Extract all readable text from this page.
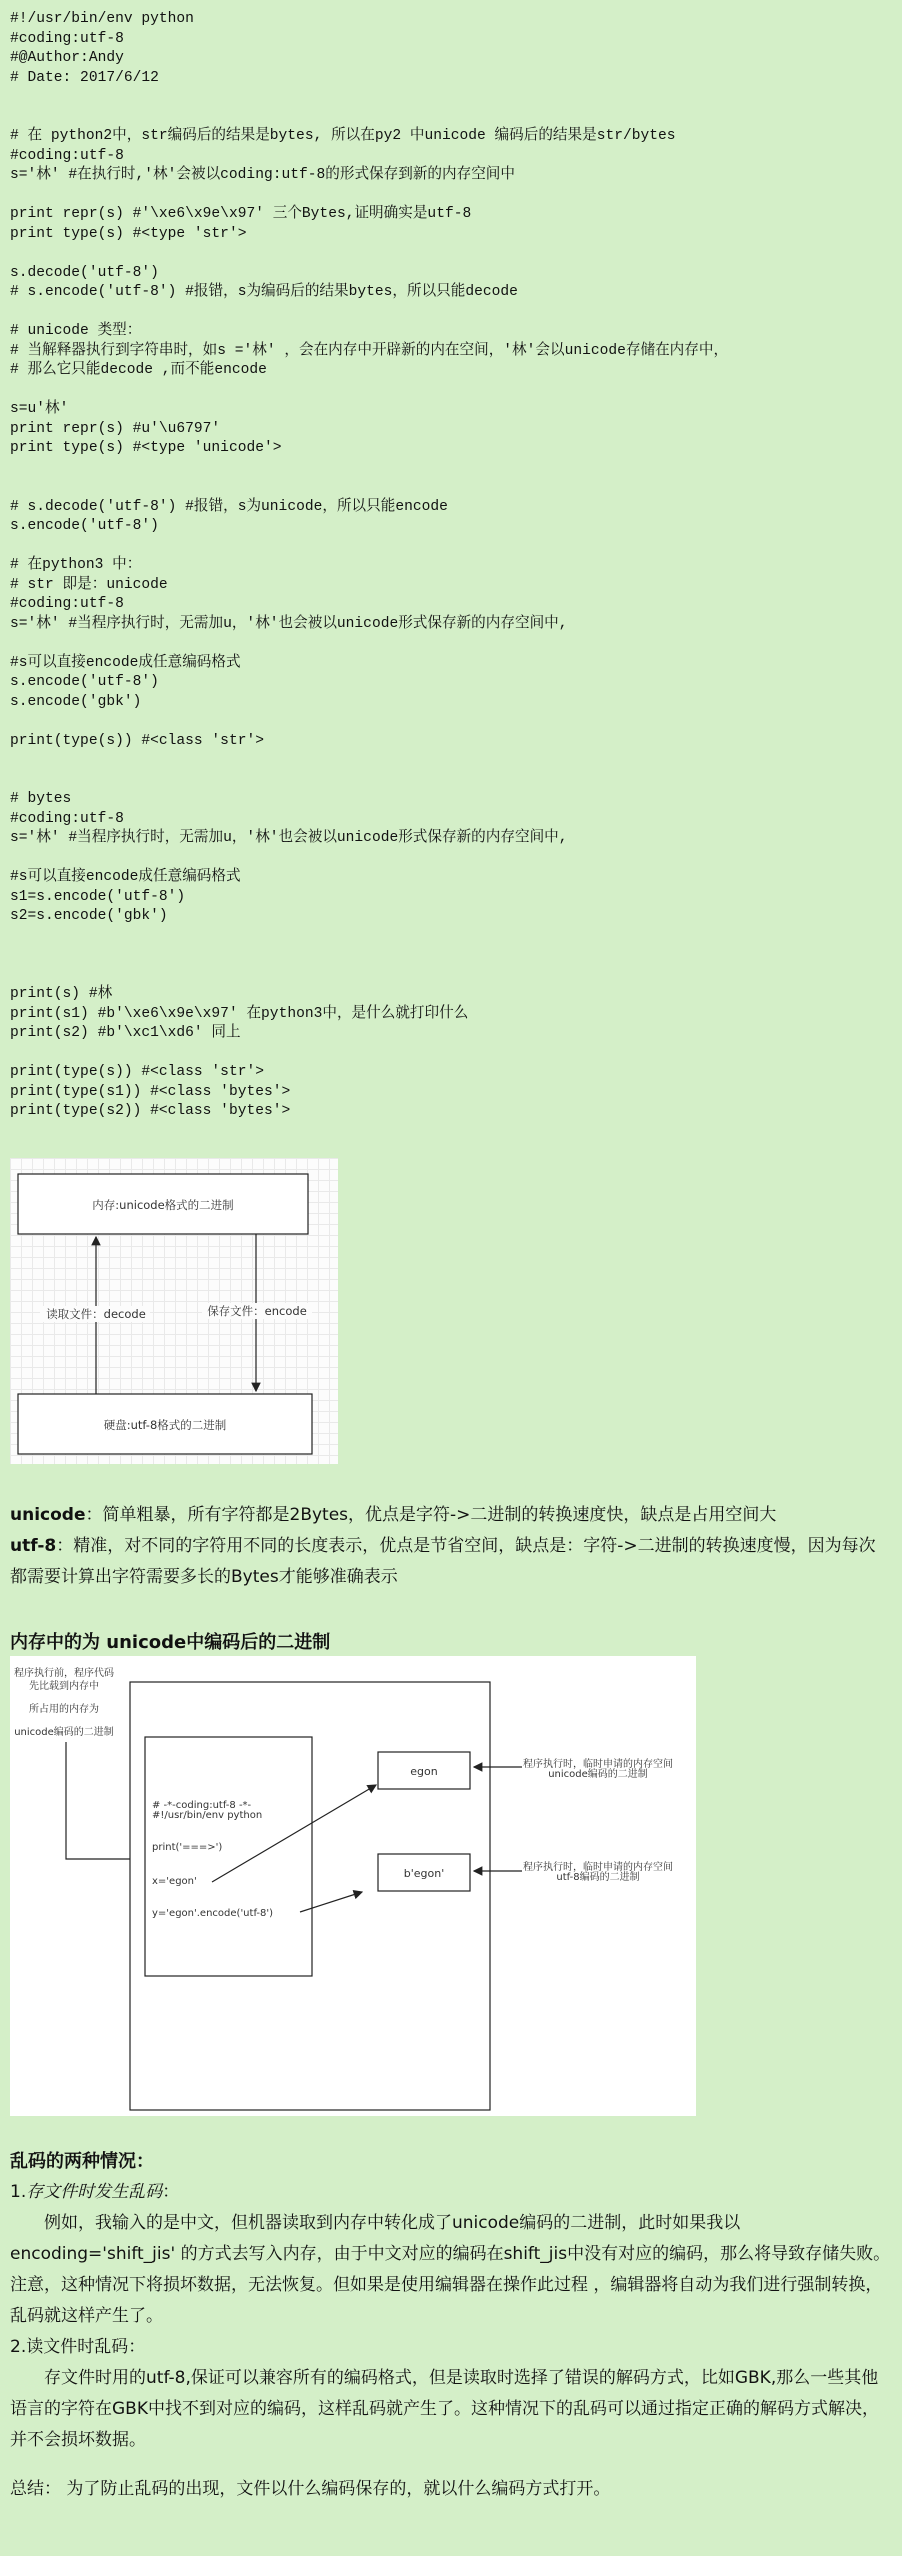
#!/usr/bin/env python
#coding:utf-8
#@Author:Andy
# Date: 2017/6/12
# 在 python2中，str编码后的结果是bytes, 所以在py2 中unicode 编码后的结果是str/bytes
#coding:utf-8
s='林' #在执行时,'林'会被以coding:utf-8的形式保存到新的内存空间中
print repr(s) #'\xe6\x9e\x97' 三个Bytes,证明确实是utf-8
print type(s) #<type 'str'>
s.decode('utf-8')
# s.encode('utf-8') #报错，s为编码后的结果bytes，所以只能decode
# unicode 类型：
# 当解释器执行到字符串时，如s ='林' ，会在内存中开辟新的内在空间，'林'会以unicode存储在内存中，
# 那么它只能decode ,而不能encode
s=u'林'
print repr(s) #u'\u6797'
print type(s) #<type 'unicode'>
# s.decode('utf-8') #报错，s为unicode，所以只能encode
s.encode('utf-8')
# 在python3 中：
# str 即是：unicode
#coding:utf-8
s='林' #当程序执行时，无需加u，'林'也会被以unicode形式保存新的内存空间中,
#s可以直接encode成任意编码格式
s.encode('utf-8')
s.encode('gbk')
print(type(s)) #<class 'str'>
# bytes
#coding:utf-8
s='林' #当程序执行时，无需加u，'林'也会被以unicode形式保存新的内存空间中,
#s可以直接encode成任意编码格式
s1=s.encode('utf-8')
s2=s.encode('gbk')
print(s) #林
print(s1) #b'\xe6\x9e\x97' 在python3中，是什么就打印什么
print(s2) #b'\xc1\xd6' 同上
print(type(s)) #<class 'str'>
print(type(s1)) #<class 'bytes'>
print(type(s2)) #<class 'bytes'>
内存:unicode格式的二进制
硬盘:utf-8格式的二进制
读取文件：decode	保存文件：encode

unicode：简单粗暴，所有字符都是2Bytes，优点是字符->二进制的转换速度快，缺点是占用空间大

utf-8：精准，对不同的字符用不同的长度表示，优点是节省空间，缺点是：字符->二进制的转换速度慢，因为每次都需要计算出字符需要多长的Bytes才能够准确表示

内存中的为 unicode中编码后的二进制
程序执行前，程序代码
先比载到内存中
所占用的内存为
unicode编码的二进制
# -*-coding:utf-8 -*-
#!/usr/bin/env python
print('===>')
x='egon'
y='egon'.encode('utf-8')
egon
b'egon'
程序执行时，临时申请的内存空间
unicode编码的二进制
程序执行时，临时申请的内存空间
utf-8编码的二进制

乱码的两种情况：

1.存文件时发生乱码：

例如，我输入的是中文，但机器读取到内存中转化成了unicode编码的二进制，此时如果我以encoding='shift_jis' 的方式去写入内存，由于中文对应的编码在shift_jis中没有对应的编码，那么将导致存储失败。注意，这种情况下将损坏数据，无法恢复。但如果是使用编辑器在操作此过程 ，编辑器将自动为我们进行强制转换，乱码就这样产生了。

2.读文件时乱码：

存文件时用的utf-8,保证可以兼容所有的编码格式，但是读取时选择了错误的解码方式，比如GBK,那么一些其他语言的字符在GBK中找不到对应的编码，这样乱码就产生了。这种情况下的乱码可以通过指定正确的解码方式解决，并不会损坏数据。

总结： 为了防止乱码的出现，文件以什么编码保存的，就以什么编码方式打开。
